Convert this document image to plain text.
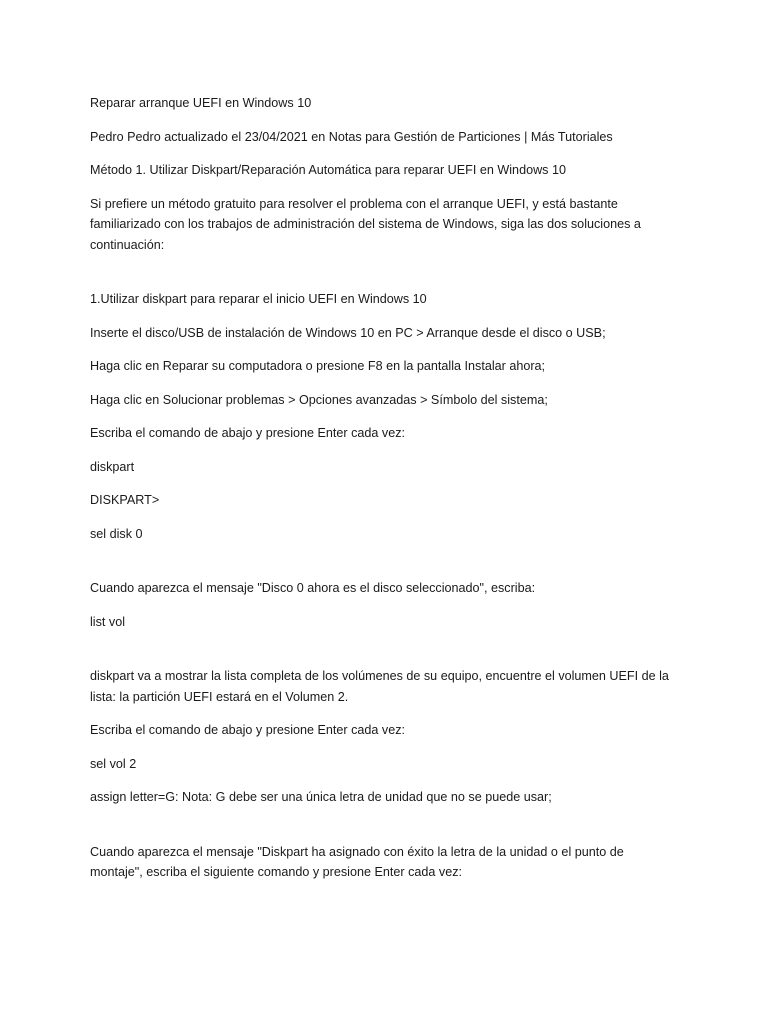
Reparar arranque UEFI en Windows 10

Pedro Pedro actualizado el 23/04/2021 en Notas para Gestión de Particiones | Más Tutoriales

Método 1. Utilizar Diskpart/Reparación Automática para reparar UEFI en Windows 10

Si prefiere un método gratuito para resolver el problema con el arranque UEFI, y está bastante familiarizado con los trabajos de administración del sistema de Windows, siga las dos soluciones a continuación:

1.Utilizar diskpart para reparar el inicio UEFI en Windows 10

Inserte el disco/USB de instalación de Windows 10 en PC > Arranque desde el disco o USB;

Haga clic en Reparar su computadora o presione F8 en la pantalla Instalar ahora;

Haga clic en Solucionar problemas > Opciones avanzadas > Símbolo del sistema;

Escriba el comando de abajo y presione Enter cada vez:

diskpart

DISKPART>

sel disk 0

Cuando aparezca el mensaje "Disco 0 ahora es el disco seleccionado", escriba:

list vol

diskpart va a mostrar la lista completa de los volúmenes de su equipo, encuentre el volumen UEFI de la lista: la partición UEFI estará en el Volumen 2.

Escriba el comando de abajo y presione Enter cada vez:

sel vol 2

assign letter=G: Nota: G debe ser una única letra de unidad que no se puede usar;

Cuando aparezca el mensaje "Diskpart ha asignado con éxito la letra de la unidad o el punto de montaje", escriba el siguiente comando y presione Enter cada vez:
